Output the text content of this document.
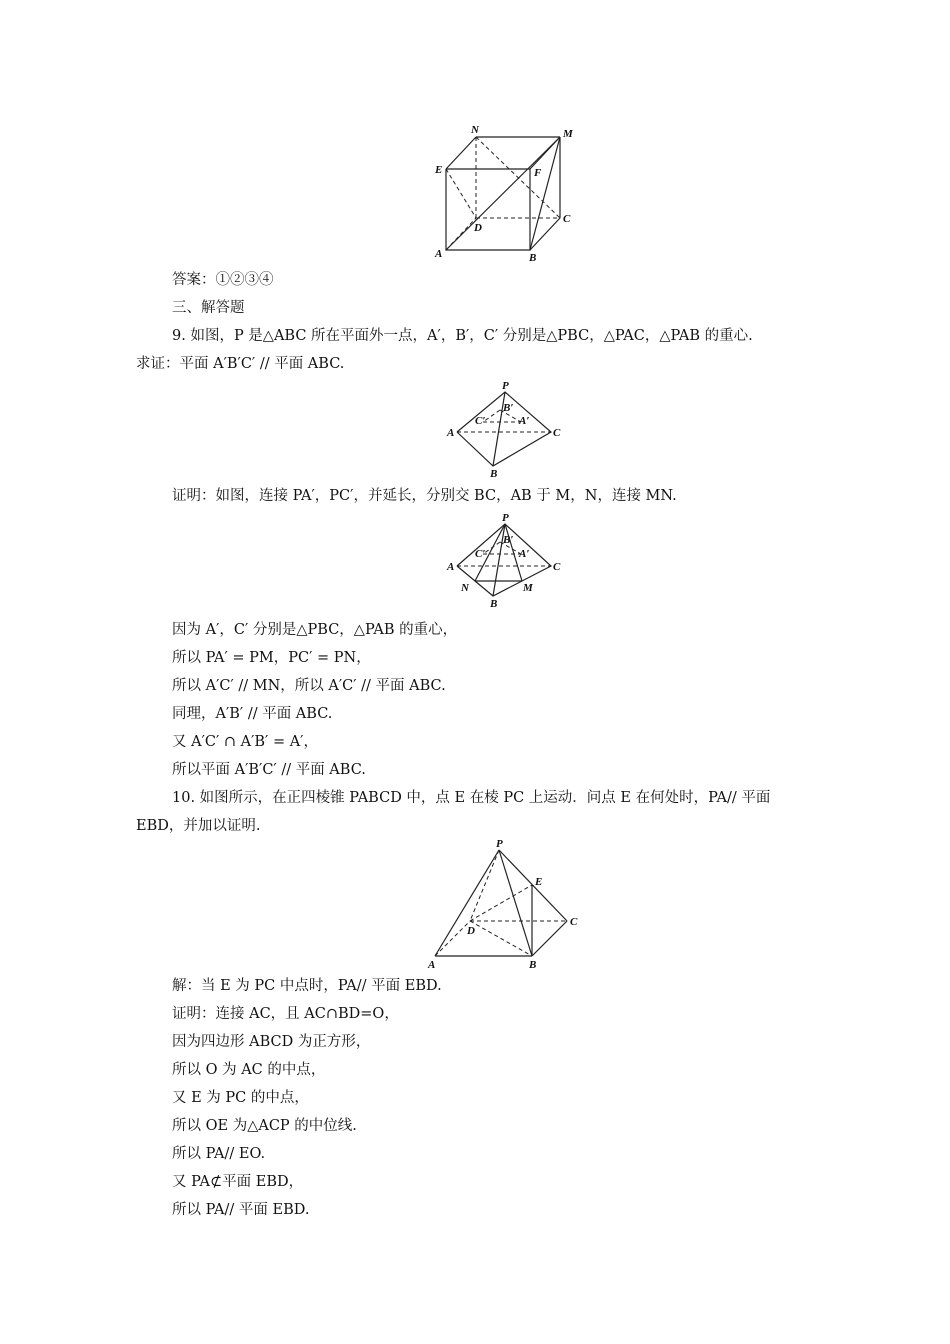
N	M
E	F
D
C
A	B
答案：①②③④
三、解答题
9. 如图，P 是△ABC 所在平面外一点，A′，B′，C′ 分别是△PBC，△PAC，△PAB 的重心.
求证：平面 A′B′C′ // 平面 ABC.
P
B′
C′	A′
A	C
B
证明：如图，连接 PA′，PC′，并延长，分别交 BC，AB 于 M，N，连接 MN.
P
B′
C′	A′
A	C
N	M
B
因为 A′，C′ 分别是△PBC，△PAB 的重心，
所以 PA′ = PM，PC′ = PN，
所以 A′C′ // MN，所以 A′C′ // 平面 ABC.
同理，A′B′ // 平面 ABC.
又 A′C′ ∩ A′B′ = A′，
所以平面 A′B′C′ // 平面 ABC.
10. 如图所示，在正四棱锥 PABCD 中，点 E 在棱 PC 上运动．问点 E 在何处时，PA// 平面
EBD，并加以证明.
P
E
D
C
A	B
解：当 E 为 PC 中点时，PA// 平面 EBD.
证明：连接 AC，且 AC∩BD=O，
因为四边形 ABCD 为正方形，
所以 O 为 AC 的中点，
又 E 为 PC 的中点，
所以 OE 为△ACP 的中位线.
所以 PA// EO.
又 PA⊄平面 EBD，
所以 PA// 平面 EBD.
